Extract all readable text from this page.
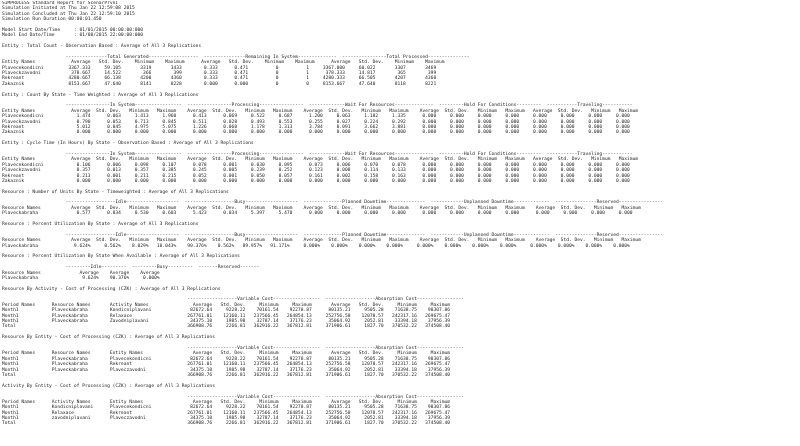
SIMPROCESS Standard Report for ScenarPrvni
Simulation Initiated at Thu Jan 22 12:59:08 2015
Simulation Concluded at Thu Jan 22 12:59:10 2015
Simulation Run Duration 00:00:01.450

Model Start Date/Time     : 01/01/2015 00:00:00:000
Model End Date/Time       : 01/08/2015 22:00:00:000

Entity : Total Count - Observation Based : Average of All 3 Replications

---------------Total Generated------------------  ---------------Remaining In System--------------  ----------------Total Processed---------------
Entity Names             Average   Std. Dev.    Minimum    Maximum      Average   Std. Dev.    Minimum    Maximum      Average   Std. Dev.    Minimum    Maximum
Plavecekondicni         3367.333     59.105       3319       3433        0.333      0.471          0          1     3367.000     60.022       3307       3469
Plaveckzavodni           378.667     14.522        366        399        0.333      0.471          0          1      378.333     14.817        365        399
Rekreant                4280.667     66.138       4200       4360        0.333      0.471          0          1     4280.333     66.505       4207       4360
Zakaznik                8153.667     47.640       8141       8228        0.000      0.000          0          0     8153.667     47.640       8118       8221

Entity : Count By State - Time Weighted : Average of All 3 Replications

----------------In System-----------------  ----------------Processing----------------  -------------Wait For Resources--------------  ---------Hold For Conditions---------  -----------Traveling-----------
Entity Names             Average  Std. Dev.   Minimum   Maximum    Average  Std. Dev.   Minimum   Maximum    Average  Std. Dev.   Minimum   Maximum    Average  Std. Dev.   Minimum   Maximum   Average  Std. Dev.   Minimum   Maximum
Plavecekondicni            1.474      0.063     1.413     1.960      0.413      0.069     0.522     0.687      1.200     0.063     1.182     1.335      0.000     0.000     0.000     0.000     0.000     0.000     0.000     0.000
Plaveckzavodni             0.790      0.053     0.713     0.845      0.511      0.028     0.493     0.553      0.255     0.027     0.224     0.292      0.000     0.000     0.000     0.000     0.000     0.000     0.000     0.000
Rekreant                   5.012      0.045     4.975     5.075      1.226      0.060     1.178     1.313      3.784     0.091     3.662     3.881      0.000     0.000     0.000     0.000     0.000     0.000     0.000     0.000
Zakaznik                   0.000      0.000     0.000     0.000      0.000      0.000     0.000     0.000      0.000     0.000     0.000     0.000      0.000     0.000     0.000     0.000     0.000     0.000     0.000     0.000

Entity : Cycle Time (In Hours) By State - Observation Based : Average of All 3 Replications

----------------In System-----------------  ----------------Processing----------------  -------------Wait For Resources--------------  ---------Hold For Conditions---------  -----------Traveling-----------
Entity Names             Average  Std. Dev.   Minimum   Maximum    Average  Std. Dev.   Minimum   Maximum    Average  Std. Dev.   Minimum   Maximum    Average  Std. Dev.   Minimum   Maximum   Average  Std. Dev.   Minimum   Maximum
Plavecekondicni            0.106      0.006     0.098     0.107      0.078      0.001     0.030     0.095      0.073     0.006     0.070     0.078      0.000     0.000     0.000     0.000     0.000     0.000     0.000     0.000
Plaveckzavodni             0.357      0.013     0.357     0.385      0.245      0.005     0.239     0.252      0.123     0.008     0.114     0.133      0.000     0.000     0.000     0.000     0.000     0.000     0.000     0.000
Rekreant                   0.213      0.001     0.211     0.215      0.052      0.001     0.050     0.057      0.161     0.002     0.158     0.163      0.000     0.000     0.000     0.000     0.000     0.000     0.000     0.000
Zakaznik                   0.000      0.000     0.000     0.000      0.000      0.000     0.000     0.000      0.000     0.000     0.000     0.000      0.000     0.000     0.000     0.000     0.000     0.000     0.000     0.000

Resource : Number of Units By State - Timeweighted : Average of All 3 Replications

------------------Idle-------------------  ------------------Busy-------------------  --------------Planned Downtime--------------  ------------Unplanned Downtime-------------  ---------------Reserved----------------
Resource Names           Average  Std. Dev.   Minimum   Maximum    Average  Std. Dev.   Minimum   Maximum    Average  Std. Dev.   Minimum   Maximum    Average  Std. Dev.   Minimum   Maximum    Average  Std. Dev.   Minimum   Maximum
Plaveckabraha              0.577      0.034     0.530     0.603      5.423      0.034     5.397     5.470      0.000     0.000     0.000     0.000      0.000     0.000     0.000     0.000      0.000     0.000     0.000     0.000

Resource : Percent Utilization By State : Average of All 3 Replications

------------------Idle-------------------  ------------------Busy-------------------  --------------Planned Downtime--------------  ------------Unplanned Downtime-------------  ---------------Reserved----------------
Resource Names           Average  Std. Dev.   Minimum   Maximum    Average  Std. Dev.   Minimum   Maximum    Average  Std. Dev.   Minimum   Maximum    Average  Std. Dev.   Minimum   Maximum    Average  Std. Dev.   Minimum   Maximum
Plaveckabraha             9.624%     0.562%    8.029%   10.043%    90.376%    0.562%   89.957%   91.171%     0.000%    0.000%    0.000%    0.000%     0.000%    0.000%    0.000%    0.000%     0.000%    0.000%    0.000%    0.000%

Resource : Percent Utilization By State When Available : Average of All 3 Replications

---------Idle---------  ---------Busy---------  -------Reserved-------
Resource Names              Average    Average    Average
Plaveckabraha                9.624%    90.376%     0.000%

Resource By Activity - Cost of Processing (CZK) : Average of All 3 Replications

------------------Variable Cost-----------------  ------------------Absorption Cost-----------------
Period Names      Resource Names       Activity Names                Average   Std. Dev.     Minimum     Maximum       Average   Std. Dev.     Minimum     Maximum
Month1            Plaveckabraha        Kondicniplavani              82672.64     9228.22    70161.54    92278.87      80135.21     9505.28    71638.75    90307.86
Month1            Plaveckabraha        Relaxace                    267761.01    12160.11   237566.45   264854.13     252756.58    12078.57   242317.16   269675.47
Month1            Plaveckabraha        Zavodniplavani               34375.10     1985.98    32787.14    37176.23      35064.92     2052.81    33394.18    37956.39
Total                                                              366908.76     2266.81   362916.22   367812.81     371906.61     1827.70   370532.22   374508.40

Resource By Entity - Cost of Processing (CZK) : Average of All 3 Replications

------------------Variable Cost-----------------  ------------------Absorption Cost-----------------
Period Names      Resource Names       Entity Names                  Average   Std. Dev.     Minimum     Maximum       Average   Std. Dev.     Minimum     Maximum
Month1            Plaveckabraha        Plavecekondicni              82672.64     9228.22    70161.54    92278.87      80135.21     9505.28    71638.75    90307.86
Month1            Plaveckabraha        Rekreant                    267761.01    12160.11   237566.45   264854.13     252756.58    12078.57   242317.16   269675.47
Month1            Plaveckabraha        Plaveczavodni                34375.10     1985.98    32787.14    37176.23      35064.92     2052.81    33394.18    37956.39
Total                                                              366908.76     2266.81   362916.22   367812.81     371906.61     1827.70   370532.22   374508.40

Activity By Entity - Cost of Processing (CZK) : Average of All 3 Replications

------------------Variable Cost-----------------  ------------------Absorption Cost-----------------
Period Names      Activity Names       Entity Names                  Average   Std. Dev.     Minimum     Maximum       Average   Std. Dev.     Minimum     Maximum
Month1            Kondicniplavani      Plavecekondicni              82672.64     9228.22    70161.54    92278.87      80135.21     9505.28    71638.75    90307.86
Month1            Relaxace             Rekreant                    267761.01    12160.11   237566.45   264854.13     252756.58    12078.57   242317.16   269675.47
Month1            zavodniplavani       Plaveczavodni                34375.10     1985.98    32787.14    37176.23      35064.92     2052.81    33394.18    37956.39
Total                                                              366908.76     2266.81   362916.22   367812.81     371906.61     1827.70   370532.22   374508.40
